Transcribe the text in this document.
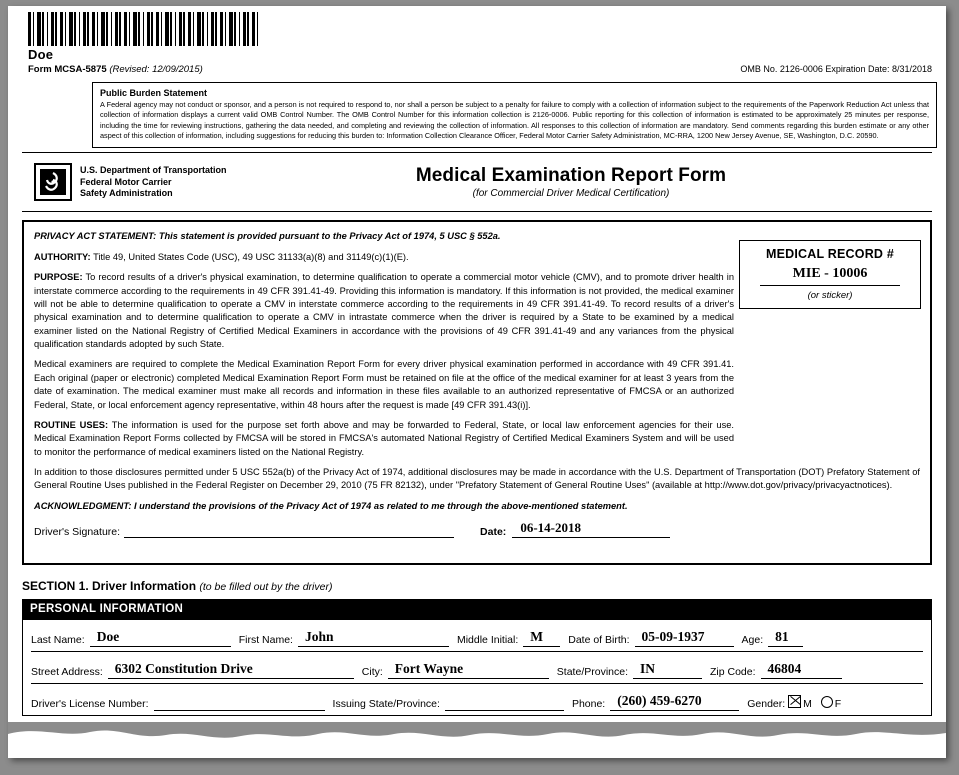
Doe
Form MCSA-5875 (Revised: 12/09/2015)	OMB No. 2126-0006 Expiration Date: 8/31/2018
Public Burden Statement

A Federal agency may not conduct or sponsor, and a person is not required to respond to, nor shall a person be subject to a penalty for failure to comply with a collection of information subject to the requirements of the Paperwork Reduction Act unless that collection of information displays a current valid OMB Control Number. The OMB Control Number for this information collection is 2126-0006. Public reporting for this collection of information is estimated to be approximately 25 minutes per response, including the time for reviewing instructions, gathering the data needed, and completing and reviewing the collection of information. All responses to this collection of information are mandatory. Send comments regarding this burden estimate or any other aspect of this collection of information, including suggestions for reducing this burden to: Information Collection Clearance Officer, Federal Motor Carrier Safety Administration, MC-RRA, 1200 New Jersey Avenue, SE, Washington, D.C. 20590.

U.S. Department of Transportation
Federal Motor Carrier
Safety Administration
Medical Examination Report Form
(for Commercial Driver Medical Certification)
MEDICAL RECORD #
MIE - 10006
(or sticker)

PRIVACY ACT STATEMENT: This statement is provided pursuant to the Privacy Act of 1974, 5 USC § 552a.

AUTHORITY: Title 49, United States Code (USC), 49 USC 31133(a)(8) and 31149(c)(1)(E).

PURPOSE: To record results of a driver's physical examination, to determine qualification to operate a commercial motor vehicle (CMV), and to promote driver health in interstate commerce according to the requirements in 49 CFR 391.41-49. Providing this information is mandatory. If this information is not provided, the medical examiner will not be able to determine qualification to operate a CMV in interstate commerce according to the requirements in 49 CFR 391.41-49. To record results of a driver's physical examination and to determine qualification to operate a CMV in intrastate commerce when the driver is required by a State to be examined by a medical examiner listed on the National Registry of Certified Medical Examiners in accordance with the provisions of 49 CFR 391.41-49 and any variances from the physical qualification standards adopted by such State.

Medical examiners are required to complete the Medical Examination Report Form for every driver physical examination performed in accordance with 49 CFR 391.41. Each original (paper or electronic) completed Medical Examination Report Form must be retained on file at the office of the medical examiner for at least 3 years from the date of examination. The medical examiner must make all records and information in these files available to an authorized representative of FMCSA or an authorized Federal, State, or local enforcement agency representative, within 48 hours after the request is made [49 CFR 391.43(i)].

ROUTINE USES: The information is used for the purpose set forth above and may be forwarded to Federal, State, or local law enforcement agencies for their use. Medical Examination Report Forms collected by FMCSA will be stored in FMCSA's automated National Registry of Certified Medical Examiners System and will be used to monitor the performance of medical examiners listed on the National Registry.

In addition to those disclosures permitted under 5 USC 552a(b) of the Privacy Act of 1974, additional disclosures may be made in accordance with the U.S. Department of Transportation (DOT) Prefatory Statement of General Routine Uses published in the Federal Register on December 29, 2010 (75 FR 82132), under "Prefatory Statement of General Routine Uses" (available at http://www.dot.gov/privacy/privacyactnotices).

ACKNOWLEDGMENT: I understand the provisions of the Privacy Act of 1974 as related to me through the above-mentioned statement.

Driver's Signature:	Date:	06-14-2018
SECTION 1. Driver Information (to be filled out by the driver)
PERSONAL INFORMATION
Last Name: Doe	First Name: John	Middle Initial: M	Date of Birth: 05-09-1937	Age: 81
Street Address: 6302 Constitution Drive	City: Fort Wayne	State/Province: IN	Zip Code: 46804
Driver's License Number:	Issuing State/Province:	Phone: (260) 459-6270	Gender: M F
